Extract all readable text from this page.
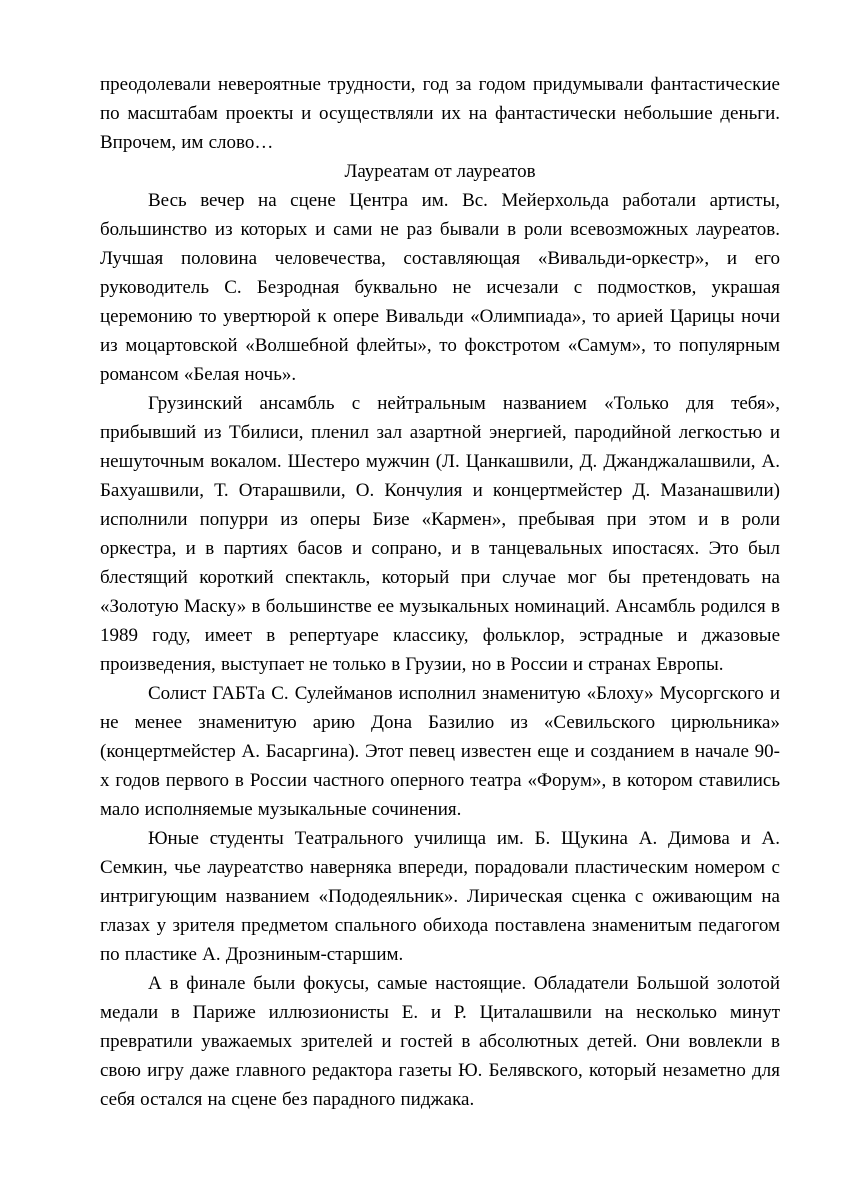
преодолевали невероятные трудности, год за годом придумывали фантастические по масштабам проекты и осуществляли их на фантастически небольшие деньги. Впрочем, им слово…

Лауреатам от лауреатов

Весь вечер на сцене Центра им. Вс. Мейерхольда работали артисты, большинство из которых и сами не раз бывали в роли всевозможных лауреатов. Лучшая половина человечества, составляющая «Вивальди-оркестр», и его руководитель С. Безродная буквально не исчезали с подмостков, украшая церемонию то увертюрой к опере Вивальди «Олимпиада», то арией Царицы ночи из моцартовской «Волшебной флейты», то фокстротом «Самум», то популярным романсом «Белая ночь».

Грузинский ансамбль с нейтральным названием «Только для тебя», прибывший из Тбилиси, пленил зал азартной энергией, пародийной легкостью и нешуточным вокалом. Шестеро мужчин (Л. Цанкашвили, Д. Джанджалашвили, А. Бахуашвили, Т. Отарашвили, О. Кончулия и концертмейстер Д. Мазанашвили) исполнили попурри из оперы Бизе «Кармен», пребывая при этом и в роли оркестра, и в партиях басов и сопрано, и в танцевальных ипостасях. Это был блестящий короткий спектакль, который при случае мог бы претендовать на «Золотую Маску» в большинстве ее музыкальных номинаций. Ансамбль родился в 1989 году, имеет в репертуаре классику, фольклор, эстрадные и джазовые произведения, выступает не только в Грузии, но в России и странах Европы.

Солист ГАБТа С. Сулейманов исполнил знаменитую «Блоху» Мусоргского и не менее знаменитую арию Дона Базилио из «Севильского цирюльника» (концертмейстер А. Басаргина). Этот певец известен еще и созданием в начале 90-х годов первого в России частного оперного театра «Форум», в котором ставились мало исполняемые музыкальные сочинения.

Юные студенты Театрального училища им. Б. Щукина А. Димова и А. Семкин, чье лауреатство наверняка впереди, порадовали пластическим номером с интригующим названием «Пододеяльник». Лирическая сценка с оживающим на глазах у зрителя предметом спального обихода поставлена знаменитым педагогом по пластике А. Дрозниным-старшим.

А в финале были фокусы, самые настоящие. Обладатели Большой золотой медали в Париже иллюзионисты Е. и Р. Циталашвили на несколько минут превратили уважаемых зрителей и гостей в абсолютных детей. Они вовлекли в свою игру даже главного редактора газеты Ю. Белявского, который незаметно для себя остался на сцене без парадного пиджака.
